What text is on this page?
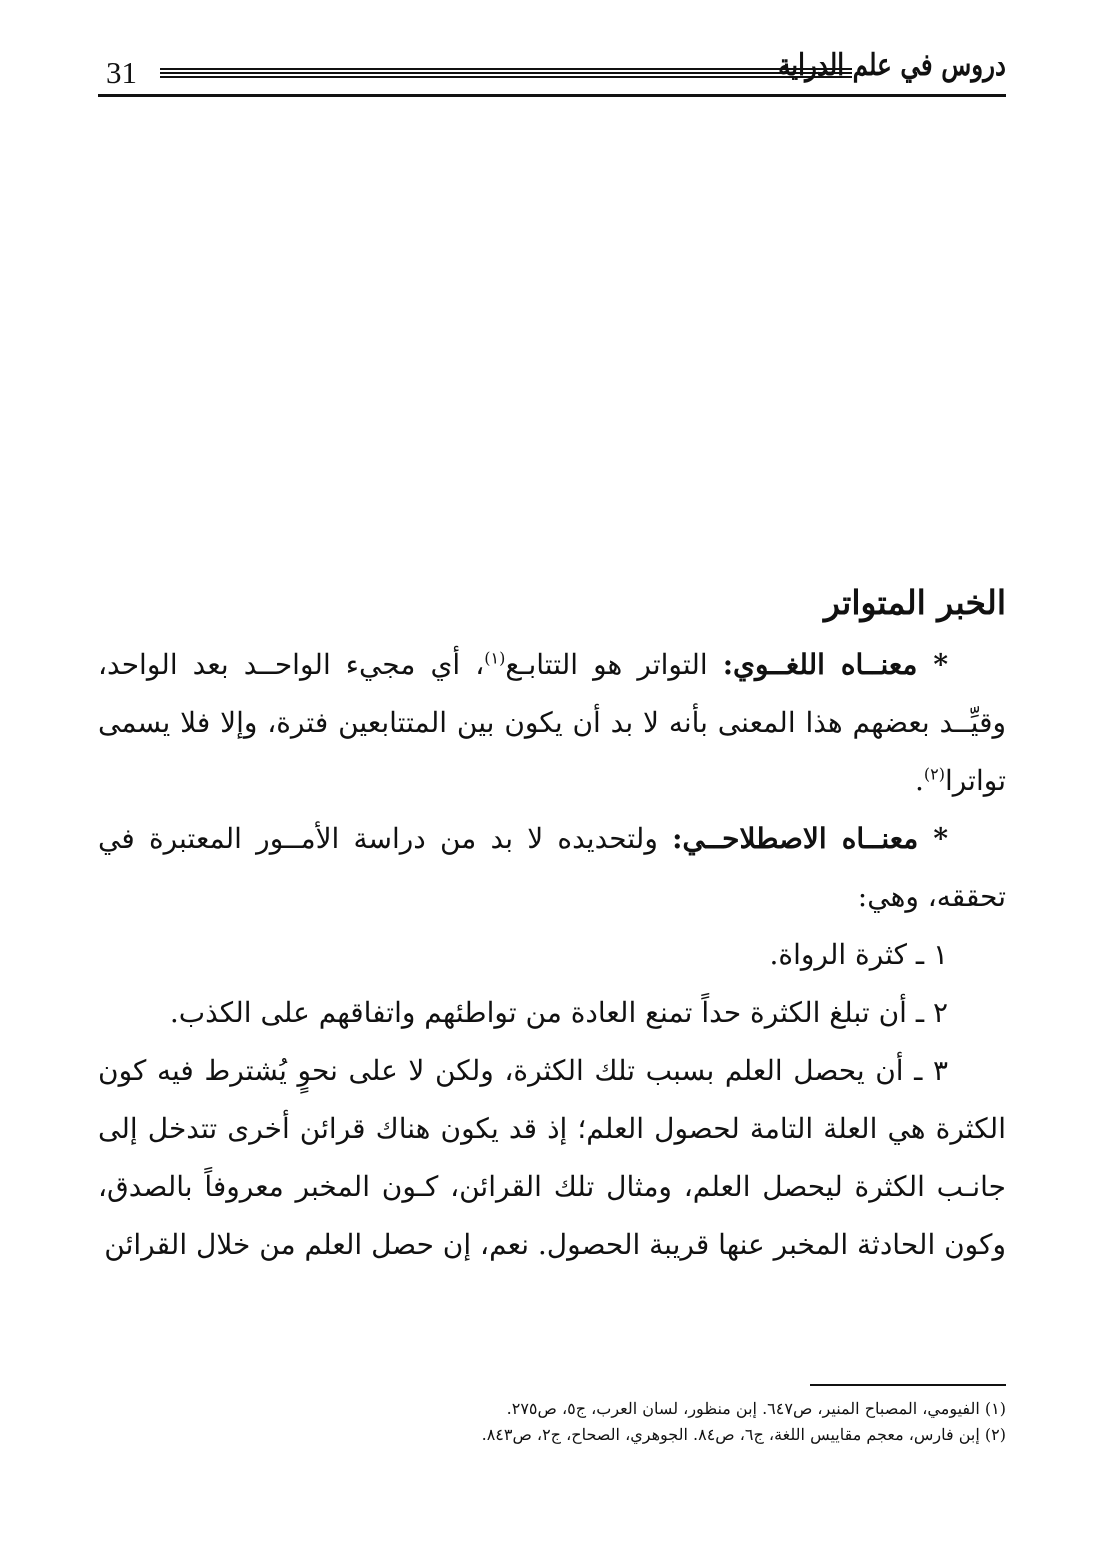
31	دروس في علم الدراية
الخبر المتواتر

* معنــاه اللغــوي: التواتر هو التتابـع$^{(١)}$، أي مجيء الواحــد بعد الواحد، وقيِّــد بعضهم هذا المعنى بأنه لا بد أن يكون بين المتتابعين فترة، وإلا فلا يسمى تواترا$^{(٢)}$.

* معنــاه الاصطلاحــي: ولتحديده لا بد من دراسة الأمــور المعتبرة في تحققه، وهي:

١ ـ كثرة الرواة.

٢ ـ أن تبلغ الكثرة حداً تمنع العادة من تواطئهم واتفاقهم على الكذب.

٣ ـ أن يحصل العلم بسبب تلك الكثرة، ولكن لا على نحوٍ يُشترط فيه كون الكثرة هي العلة التامة لحصول العلم؛ إذ قد يكون هناك قرائن أخرى تتدخل إلى جانـب الكثرة ليحصل العلم، ومثال تلك القرائن، كـون المخبر معروفاً بالصدق، وكون الحادثة المخبر عنها قريبة الحصول. نعم، إن حصل العلم من خلال القرائن

(١) الفيومي، المصباح المنير، ص٦٤٧. إبن منظور، لسان العرب، ج٥، ص٢٧٥.

(٢) إبن فارس، معجم مقاييس اللغة، ج٦، ص٨٤. الجوهري، الصحاح، ج٢، ص٨٤٣.
